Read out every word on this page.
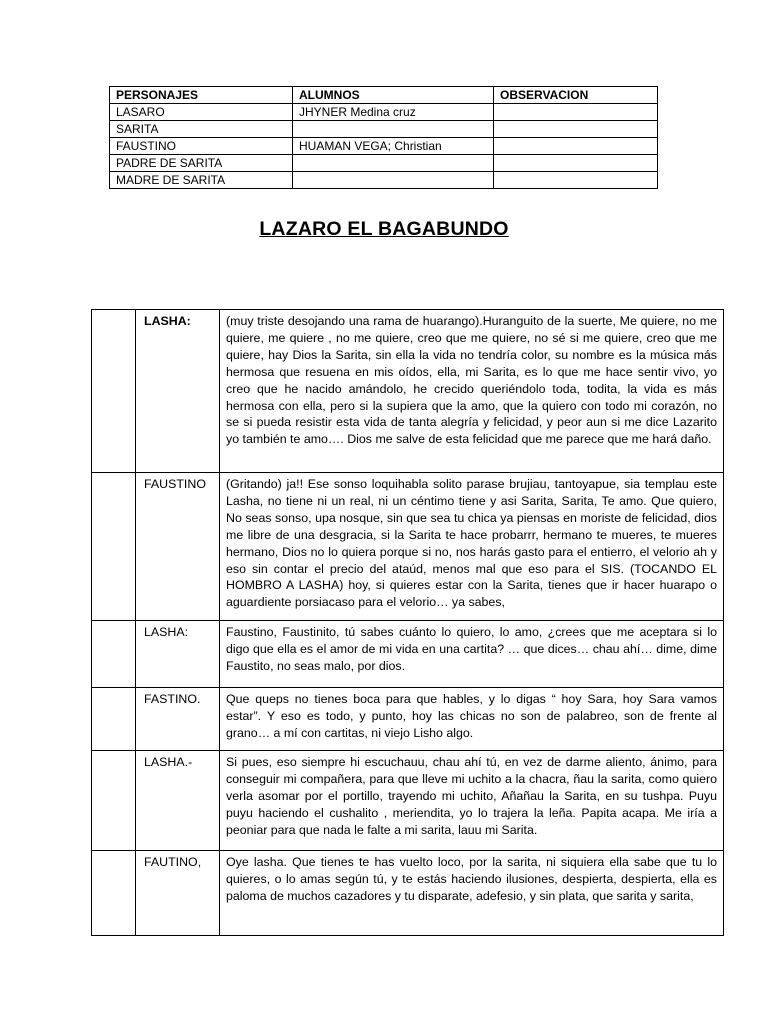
PERSONAJES	ALUMNOS	OBSERVACION
LASARO	JHYNER Medina cruz	
SARITA		
FAUSTINO	HUAMAN VEGA; Christian	
PADRE DE SARITA		
MADRE DE SARITA		
LAZARO EL BAGABUNDO
	LASHA:	(muy triste desojando una rama de huarango).Huranguito de la suerte, Me quiere, no me quiere, me quiere , no me quiere, creo que me quiere, no sé si me quiere, creo que me quiere, hay Dios la Sarita, sin ella la vida no tendría color, su nombre es la música más hermosa que resuena en mis oídos, ella, mi Sarita, es lo que me hace sentir vivo, yo creo que he nacido amándolo, he crecido queriéndolo toda, todita, la vida es más hermosa con ella, pero si la supiera que la amo, que la quiero con todo mi corazón, no se si pueda resistir esta vida de tanta alegría y felicidad, y peor aun si me dice Lazarito yo también te amo…. Dios me salve de esta felicidad que me parece que me hará daño.
	FAUSTINO	(Gritando) ja!! Ese sonso loquihabla solito parase brujiau, tantoyapue, sia templau este Lasha, no tiene ni un real, ni un céntimo tiene y asi Sarita, Sarita, Te amo. Que quiero, No seas sonso, upa nosque, sin que sea tu chica ya piensas en moriste de felicidad, dios me libre de una desgracia, si la Sarita te hace probarrr, hermano te mueres, te mueres hermano, Dios no lo quiera porque si no, nos harás gasto para el entierro, el velorio ah y eso sin contar el precio del ataúd, menos mal que eso para el SIS. (TOCANDO EL HOMBRO A LASHA) hoy, si quieres estar con la Sarita, tienes que ir hacer huarapo o aguardiente porsiacaso para el velorio… ya sabes,
	LASHA:	Faustino, Faustinito, tú sabes cuánto lo quiero, lo amo, ¿crees que me aceptara si lo digo que ella es el amor de mi vida en una cartita? … que dices… chau ahí… dime, dime Faustito, no seas malo, por dios.
	FASTINO.	Que queps no tienes boca para que hables, y lo digas “ hoy Sara, hoy Sara vamos estar”. Y eso es todo, y punto, hoy las chicas no son de palabreo, son de frente al grano… a mí con cartitas, ni viejo Lisho algo.
	LASHA.-	Si pues, eso siempre hi escuchauu, chau ahí tú, en vez de darme aliento, ánimo, para conseguir mi compañera, para que lleve mi uchito a la chacra, ñau la sarita, como quiero verla asomar por el portillo, trayendo mi uchito, Añañau la Sarita, en su tushpa. Puyu puyu haciendo el cushalito , meriendita, yo lo trajera la leña. Papita acapa. Me iría a peoniar para que nada le falte a mi sarita, lauu mi Sarita.
	FAUTINO,	Oye lasha. Que tienes te has vuelto loco, por la sarita, ni siquiera ella sabe que tu lo quieres, o lo amas según tú, y te estás haciendo ilusiones, despierta, despierta, ella es paloma de muchos cazadores y tu disparate, adefesio, y sin plata, que sarita y sarita,
